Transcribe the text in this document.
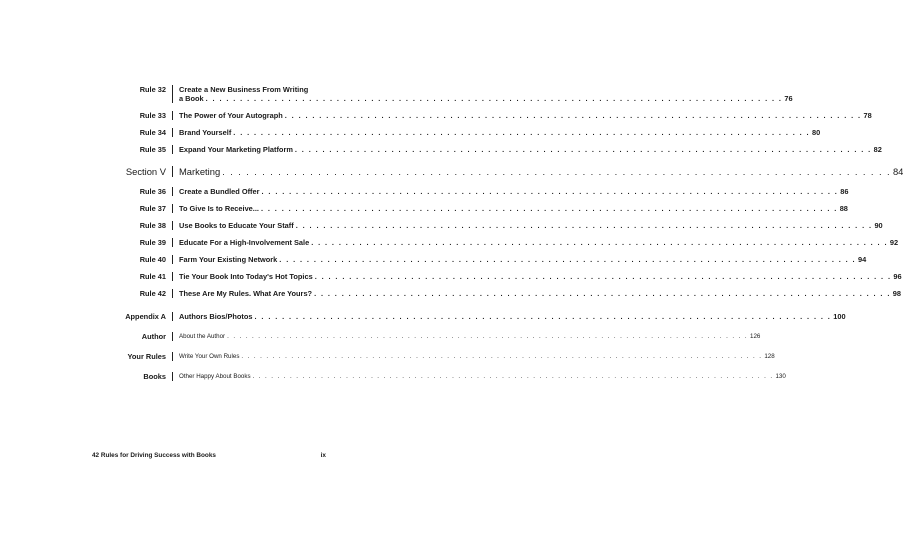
Rule 32 Create a New Business From Writing
a Book . . .	76
Rule 33 The Power of Your Autograph . . .	78
Rule 34 Brand Yourself . . .	80
Rule 35 Expand Your Marketing Platform . . .	82
Section V Marketing . . .	84
Rule 36 Create a Bundled Offer . . .	86
Rule 37 To Give Is to Receive... . . .	88
Rule 38 Use Books to Educate Your Staff . . .	90
Rule 39 Educate For a High-Involvement Sale . . .	92
Rule 40 Farm Your Existing Network . . .	94
Rule 41 Tie Your Book Into Today's Hot Topics . . .	96
Rule 42 These Are My Rules. What Are Yours? . . .	98
Appendix A Authors Bios/Photos . . .	100
Author About the Author . . .	126
Your Rules Write Your Own Rules . . .	128
Books Other Happy About Books . . .	130
42 Rules for Driving Success with Books	ix
